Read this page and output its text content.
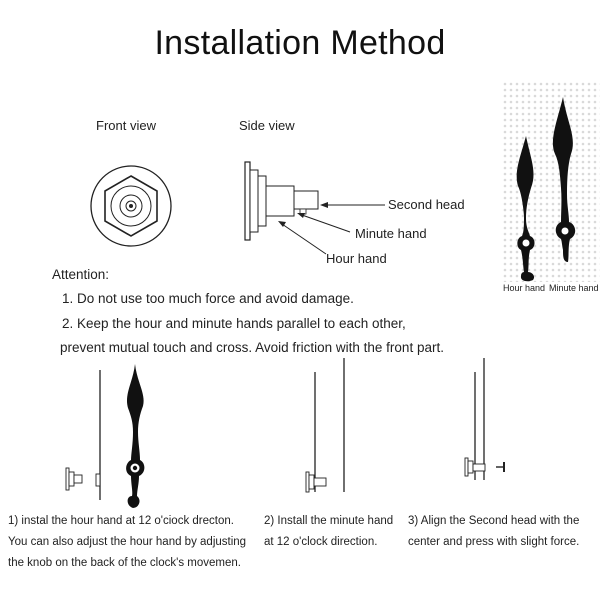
Installation Method
Front view	Side view
Second head
Minute hand
Hour hand
Hour hand Minute hand
Attention:
1. Do not use too much force and avoid damage.
2. Keep the hour and minute hands parallel to each other,
prevent mutual touch and cross. Avoid friction with the front part.
1) instal the hour hand at 12 o'ciock drecton.
You can also adjust the hour hand by adjusting
the knob on the back of the clock's movemen.
2) Install the minute hand
at 12 o'clock direction.
3) Align the Second head with the
center and press with slight force.
